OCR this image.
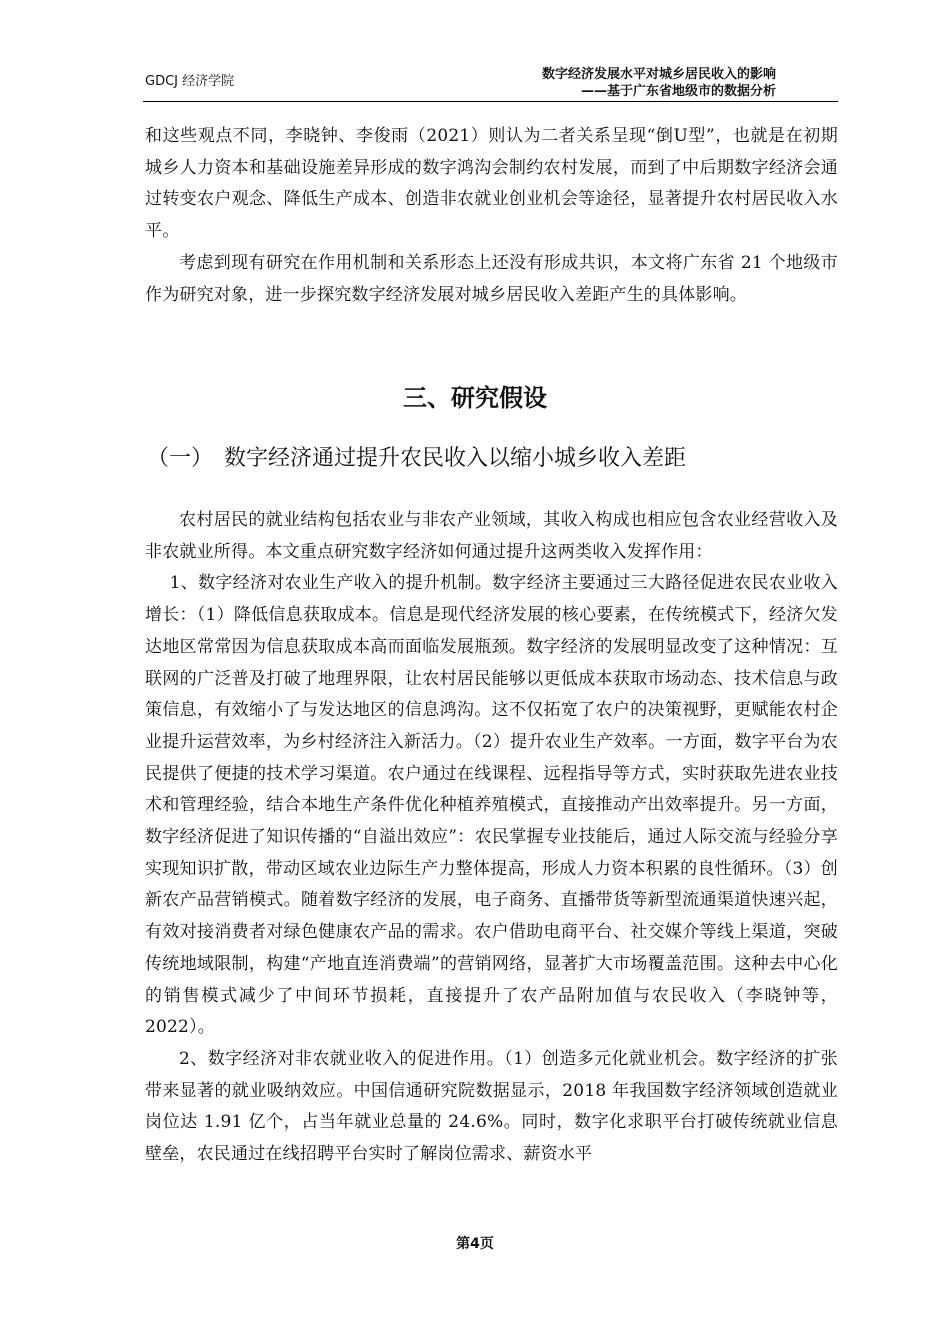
GDCJ 经济学院	数字经济发展水平对城乡居民收入的影响
——基于广东省地级市的数据分析

和这些观点不同，李晓钟、李俊雨（2021）则认为二者关系呈现“倒U型”，也就是在初期城乡人力资本和基础设施差异形成的数字鸿沟会制约农村发展，而到了中后期数字经济会通过转变农户观念、降低生产成本、创造非农就业创业机会等途径，显著提升农村居民收入水平。

考虑到现有研究在作用机制和关系形态上还没有形成共识，本文将广东省 21 个地级市作为研究对象，进一步探究数字经济发展对城乡居民收入差距产生的具体影响。

三、研究假设
（一）　数字经济通过提升农民收入以缩小城乡收入差距

农村居民的就业结构包括农业与非农产业领域，其收入构成也相应包含农业经营收入及非农就业所得。本文重点研究数字经济如何通过提升这两类收入发挥作用：

1、数字经济对农业生产收入的提升机制。数字经济主要通过三大路径促进农民农业收入增长：（1）降低信息获取成本。信息是现代经济发展的核心要素，在传统模式下，经济欠发达地区常常因为信息获取成本高而面临发展瓶颈。数字经济的发展明显改变了这种情况：互联网的广泛普及打破了地理界限，让农村居民能够以更低成本获取市场动态、技术信息与政策信息，有效缩小了与发达地区的信息鸿沟。这不仅拓宽了农户的决策视野，更赋能农村企业提升运营效率，为乡村经济注入新活力。（2）提升农业生产效率。一方面，数字平台为农民提供了便捷的技术学习渠道。农户通过在线课程、远程指导等方式，实时获取先进农业技术和管理经验，结合本地生产条件优化种植养殖模式，直接推动产出效率提升。另一方面，数字经济促进了知识传播的“自溢出效应”：农民掌握专业技能后，通过人际交流与经验分享实现知识扩散，带动区域农业边际生产力整体提高，形成人力资本积累的良性循环。（3）创新农产品营销模式。随着数字经济的发展，电子商务、直播带货等新型流通渠道快速兴起，有效对接消费者对绿色健康农产品的需求。农户借助电商平台、社交媒介等线上渠道，突破传统地域限制，构建“产地直连消费端”的营销网络，显著扩大市场覆盖范围。这种去中心化的销售模式减少了中间环节损耗，直接提升了农产品附加值与农民收入（李晓钟等，2022）。

2、数字经济对非农就业收入的促进作用。（1）创造多元化就业机会。数字经济的扩张带来显著的就业吸纳效应。中国信通研究院数据显示，2018 年我国数字经济领域创造就业岗位达 1.91 亿个，占当年就业总量的 24.6%。同时，数字化求职平台打破传统就业信息壁垒，农民通过在线招聘平台实时了解岗位需求、薪资水平

第4页
